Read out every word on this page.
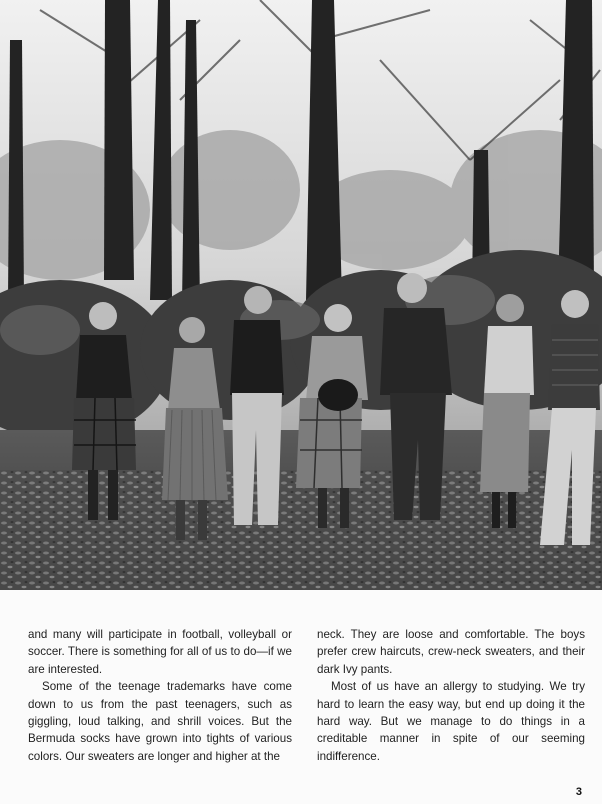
and many will participate in football, volleyball or soccer. There is something for all of us to do—if we are interested.

Some of the teenage trademarks have come down to us from the past teenagers, such as giggling, loud talking, and shrill voices. But the Bermuda socks have grown into tights of various colors. Our sweaters are longer and higher at the

neck. They are loose and comfortable. The boys prefer crew haircuts, crew-neck sweaters, and their dark Ivy pants.

Most of us have an allergy to studying. We try hard to learn the easy way, but end up doing it the hard way. But we manage to do things in a creditable manner in spite of our seeming indifference.

3
